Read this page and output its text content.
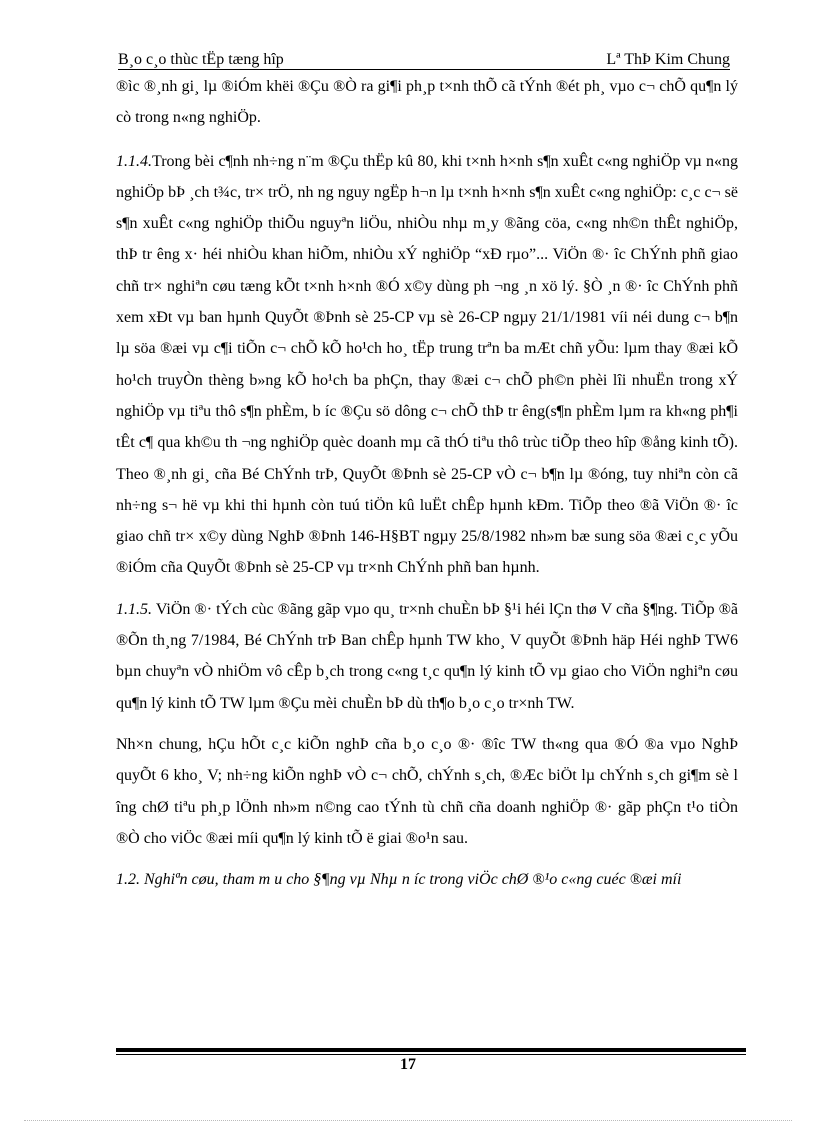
B¸o c¸o thùc tËp tæng hîp	Lª ThÞ Kim Chung

®ìc ®¸nh gi¸ lµ ®iÓm khëi ®Çu ®Ò ra gi¶i ph¸p t×nh thÕ cã tÝnh ®ét ph¸ vµo c¬ chÕ qu¶n lý cò trong n«ng nghiÖp.

1.1.4.Trong bèi c¶nh nh÷ng n¨m ®Çu thËp kû 80, khi t×nh h×nh s¶n xuÊt c«ng nghiÖp vµ n«ng nghiÖp bÞ ¸ch t¾c, tr× trÖ, nh ng nguy ngËp h¬n lµ t×nh h×nh s¶n xuÊt c«ng nghiÖp: c¸c c¬ së s¶n xuÊt c«ng nghiÖp thiÕu nguyªn liÖu, nhiÒu nhµ m¸y ®ãng cöa, c«ng nh©n thÊt nghiÖp, thÞ tr êng x· héi nhiÒu khan hiÕm, nhiÒu xÝ nghiÖp “xÐ rµo”... ViÖn ®· îc ChÝnh phñ giao chñ tr× nghiªn cøu tæng kÕt t×nh h×nh ®Ó x©y dùng ph ¬ng ¸n xö lý. §Ò ¸n ®· îc ChÝnh phñ xem xÐt vµ ban hµnh QuyÕt ®Þnh sè 25-CP vµ sè 26-CP ngµy 21/1/1981 víi néi dung c¬ b¶n lµ söa ®æi vµ c¶i tiÕn c¬ chÕ kÕ ho¹ch ho¸ tËp trung trªn ba mÆt chñ yÕu: lµm thay ®æi kÕ ho¹ch truyÒn thèng b»ng kÕ ho¹ch ba phÇn, thay ®æi c¬ chÕ ph©n phèi lîi nhuËn trong xÝ nghiÖp vµ tiªu thô s¶n phÈm, b íc ®Çu sö dông c¬ chÕ thÞ tr êng(s¶n phÈm lµm ra kh«ng ph¶i tÊt c¶ qua kh©u th ¬ng nghiÖp quèc doanh mµ cã thÓ tiªu thô trùc tiÕp theo hîp ®ång kinh tÕ). Theo ®¸nh gi¸ cña Bé ChÝnh trÞ, QuyÕt ®Þnh sè 25-CP vÒ c¬ b¶n lµ ®óng, tuy nhiªn còn cã nh÷ng s¬ hë vµ khi thi hµnh còn tuú tiÖn kû luËt chÊp hµnh kÐm. TiÕp theo ®ã ViÖn ®· îc giao chñ tr× x©y dùng NghÞ ®Þnh 146-H§BT ngµy 25/8/1982 nh»m bæ sung söa ®æi c¸c yÕu ®iÓm cña QuyÕt ®Þnh sè 25-CP vµ tr×nh ChÝnh phñ ban hµnh.

1.1.5. ViÖn ®· tÝch cùc ®ãng gãp vµo qu¸ tr×nh chuÈn bÞ §¹i héi lÇn thø V cña §¶ng. TiÕp ®ã ®Õn th¸ng 7/1984, Bé ChÝnh trÞ Ban chÊp hµnh TW kho¸ V quyÕt ®Þnh häp Héi nghÞ TW6 bµn chuyªn vÒ nhiÖm vô cÊp b¸ch trong c«ng t¸c qu¶n lý kinh tÕ vµ giao cho ViÖn nghiªn cøu qu¶n lý kinh tÕ TW lµm ®Çu mèi chuÈn bÞ dù th¶o b¸o c¸o tr×nh TW.

Nh×n chung, hÇu hÕt c¸c kiÕn nghÞ cña b¸o c¸o ®· ®îc TW th«ng qua ®Ó ®a vµo NghÞ quyÕt 6 kho¸ V; nh÷ng kiÕn nghÞ vÒ c¬ chÕ, chÝnh s¸ch, ®Æc biÖt lµ chÝnh s¸ch gi¶m sè l îng chØ tiªu ph¸p lÖnh nh»m n©ng cao tÝnh tù chñ cña doanh nghiÖp ®· gãp phÇn t¹o tiÒn ®Ò cho viÖc ®æi míi qu¶n lý kinh tÕ ë giai ®o¹n sau.

1.2. Nghiªn cøu, tham m u cho §¶ng vµ Nhµ n íc trong viÖc chØ ®¹o c«ng cuéc ®æi míi

17
